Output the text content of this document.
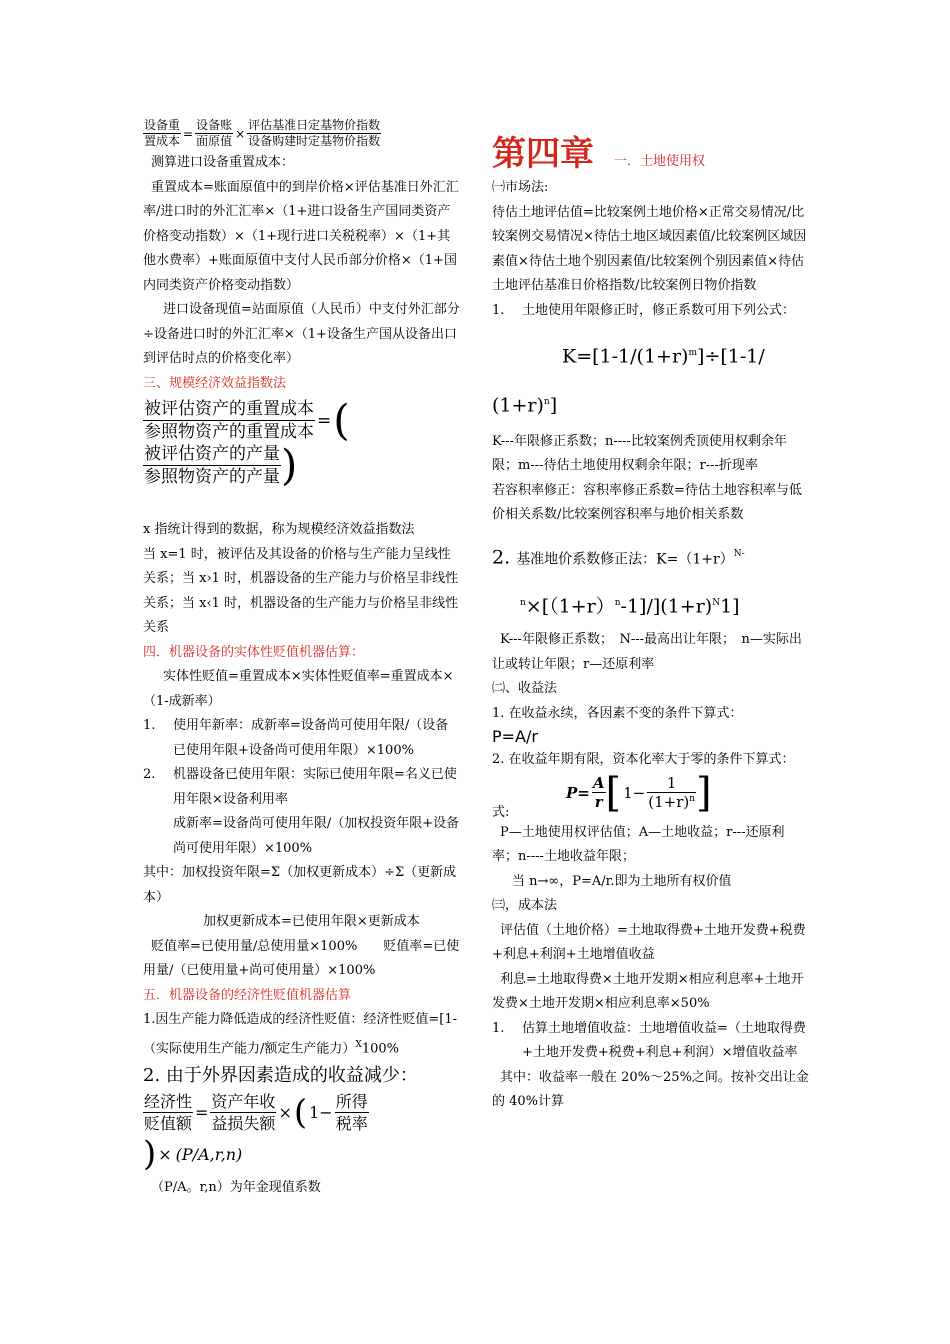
$\frac{\text{设备重}}{\text{置成本}} = \frac{\text{设备账}}{\text{面原值}} \times \frac{\text{评估基准日定基物价指数}}{\text{设备购建时定基物价指数}}$

测算进口设备重置成本：

重置成本=账面原值中的到岸价格×评估基准日外汇汇率/进口时的外汇汇率×（1+进口设备生产国同类资产价格变动指数）×（1+现行进口关税税率）×（1+其他水费率）+账面原值中支付人民币部分价格×（1+国内同类资产价格变动指数）

进口设备现值=站面原值（人民币）中支付外汇部分÷设备进口时的外汇汇率×（1+设备生产国从设备出口到评估时点的价格变化率）

三、规模经济效益指数法

$\frac{\text{被评估资产的重置成本}}{\text{参照物资产的重置成本}}$ =(
$\frac{\text{被评估资产的产量}}{\text{参照物资产的产量}}$ )

x 指统计得到的数据，称为规模经济效益指数法

当 x=1 时，被评估及其设备的价格与生产能力呈线性关系；当 x›1 时，机器设备的生产能力与价格呈非线性关系；当 x‹1 时，机器设备的生产能力与价格呈非线性关系

四．机器设备的实体性贬值机器估算：

实体性贬值=重置成本×实体性贬值率=重置成本×（1-成新率）

1. 使用年新率：成新率=设备尚可使用年限/（设备已使用年限+设备尚可使用年限）×100%

2. 机器设备已使用年限：实际已使用年限=名义已使用年限×设备利用率

成新率=设备尚可使用年限/（加权投资年限+设备尚可使用年限）×100%

其中：加权投资年限=Σ（加权更新成本）÷Σ（更新成本）

加权更新成本=已使用年限×更新成本

贬值率=已使用量/总使用量×100%　　贬值率=已使用量/（已使用量+尚可使用量）×100%

五．机器设备的经济性贬值机器估算

1.因生产能力降低造成的经济性贬值：经济性贬值=[1-（实际使用生产能力/额定生产能力）$^X$100%

2. 由于外界因素造成的收益减少：

$\frac{\text{经济性}}{\text{贬值额}} = \frac{\text{资产年收}}{\text{益损失额}}$ ×( $1- \frac{\text{所得}}{\text{税率}}$
) × (P/A,r,n)

（P/A。r,n）为年金现值系数

第四章 一．土地使用权

㈠市场法:

待估土地评估值=比较案例土地价格×正常交易情况/比较案例交易情况×待估土地区域因素值/比较案例区域因素值×待估土地个别因素值/比较案例个别因素值×待估土地评估基准日价格指数/比较案例日物价指数

1. 土地使用年限修正时，修正系数可用下列公式：

$K=[1-1/(1+r)^m]\div[1-1/$
$(1+r)^n$]

K---年限修正系数；n----比较案例秃顶使用权剩余年限；m---待估土地使用权剩余年限；r---折现率

若容积率修正：容积率修正系数=待估土地容积率与低价相关系数/比较案例容积率与地价相关系数

2. 基准地价系数修正法：$K=(1+r)^{N-}$
$^n\times[(1+r)^n-1]/](1+r)^N1$]

K---年限修正系数；　N---最高出让年限；　n—实际出让或转让年限；r—还原利率

㈡、收益法

1. 在收益永续，各因素不变的条件下算式：

P=A/r

2. 在收益年期有限，资本化率大于零的条件下算式：

式:
$P= \frac{A}{r}$ [ $1- \frac{1}{(1+r)^n}$ ]

P—土地使用权评估值；A—土地收益；r---还原利率；n----土地收益年限；

当 n→∞，P=A/r.即为土地所有权价值

㈢，成本法

评估值（土地价格）=土地取得费+土地开发费+税费+利息+利润+土地增值收益

利息=土地取得费×土地开发期×相应利息率+土地开发费×土地开发期×相应利息率×50%

1. 估算土地增值收益：土地增值收益=（土地取得费+土地开发费+税费+利息+利润）×增值收益率

其中：收益率一般在 20%～25%之间。按补交出让金的 40%计算
